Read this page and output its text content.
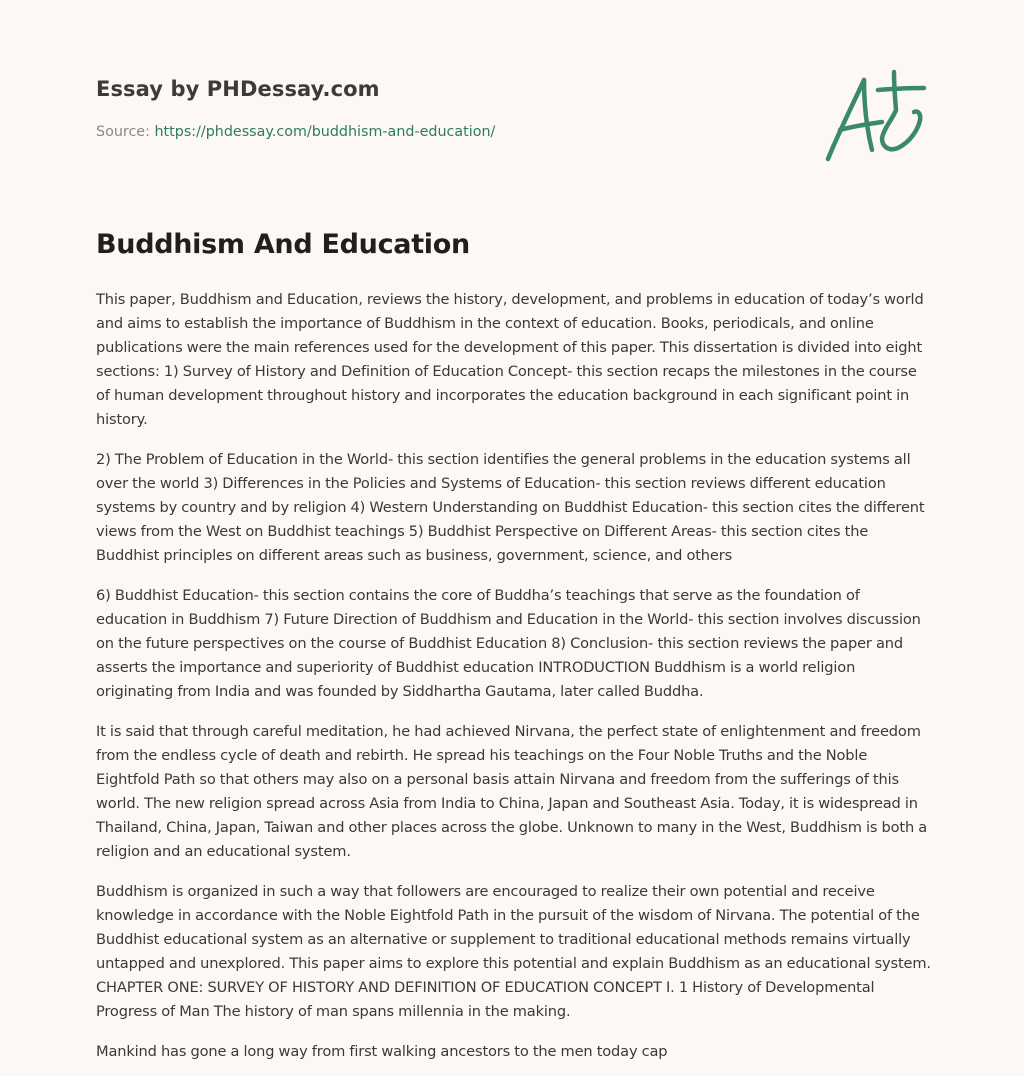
Essay by PHDessay.com
Source: https://phdessay.com/buddhism-and-education/
Buddhism And Education

This paper, Buddhism and Education, reviews the history, development, and problems in education of today’s world and aims to establish the importance of Buddhism in the context of education. Books, periodicals, and online publications were the main references used for the development of this paper. This dissertation is divided into eight sections: 1) Survey of History and Definition of Education Concept- this section recaps the milestones in the course of human development throughout history and incorporates the education background in each significant point in history.

2) The Problem of Education in the World- this section identifies the general problems in the education systems all over the world 3) Differences in the Policies and Systems of Education- this section reviews different education systems by country and by religion 4) Western Understanding on Buddhist Education- this section cites the different views from the West on Buddhist teachings 5) Buddhist Perspective on Different Areas- this section cites the Buddhist principles on different areas such as business, government, science, and others

6) Buddhist Education- this section contains the core of Buddha’s teachings that serve as the foundation of education in Buddhism 7) Future Direction of Buddhism and Education in the World- this section involves discussion on the future perspectives on the course of Buddhist Education 8) Conclusion- this section reviews the paper and asserts the importance and superiority of Buddhist education INTRODUCTION Buddhism is a world religion originating from India and was founded by Siddhartha Gautama, later called Buddha.

It is said that through careful meditation, he had achieved Nirvana, the perfect state of enlightenment and freedom from the endless cycle of death and rebirth. He spread his teachings on the Four Noble Truths and the Noble Eightfold Path so that others may also on a personal basis attain Nirvana and freedom from the sufferings of this world. The new religion spread across Asia from India to China, Japan and Southeast Asia. Today, it is widespread in Thailand, China, Japan, Taiwan and other places across the globe. Unknown to many in the West, Buddhism is both a religion and an educational system.

Buddhism is organized in such a way that followers are encouraged to realize their own potential and receive knowledge in accordance with the Noble Eightfold Path in the pursuit of the wisdom of Nirvana. The potential of the Buddhist educational system as an alternative or supplement to traditional educational methods remains virtually untapped and unexplored. This paper aims to explore this potential and explain Buddhism as an educational system. CHAPTER ONE: SURVEY OF HISTORY AND DEFINITION OF EDUCATION CONCEPT I. 1 History of Developmental Progress of Man The history of man spans millennia in the making.

Mankind has gone a long way from first walking ancestors to the men today cap
